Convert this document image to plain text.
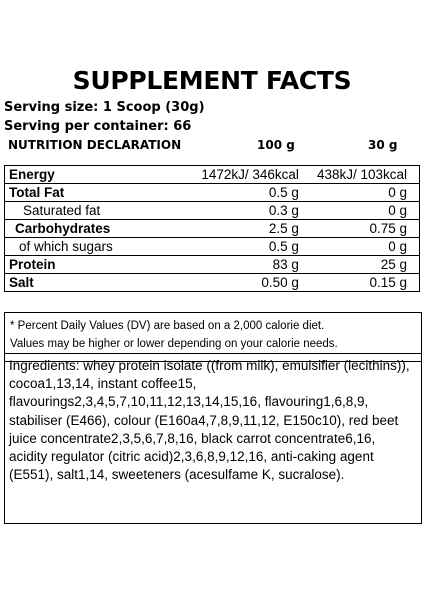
SUPPLEMENT FACTS
Serving size: 1 Scoop (30g)
Serving per container: 66
NUTRITION DECLARATION	100 g	30 g
Energy	1472kJ/ 346kcal	438kJ/ 103kcal
Total Fat	0.5 g	0 g
Saturated fat	0.3 g	0 g
Carbohydrates	2.5 g	0.75 g
of which sugars	0.5 g	0 g
Protein	83 g	25 g
Salt	0.50 g	0.15 g
* Percent Daily Values (DV) are based on a 2,000 calorie diet.
Values may be higher or lower depending on your calorie needs.
Ingredients: whey protein isolate ((from milk), emulsifier (lecithins)), cocoa1,13,14, instant coffee15, flavourings2,3,4,5,7,10,11,12,13,14,15,16, flavouring1,6,8,9, stabiliser (E466), colour (E160a4,7,8,9,11,12, E150c10), red beet juice concentrate2,3,5,6,7,8,16, black carrot concentrate6,16, acidity regulator (citric acid)2,3,6,8,9,12,16, anti-caking agent (E551), salt1,14, sweeteners (acesulfame K, sucralose).
